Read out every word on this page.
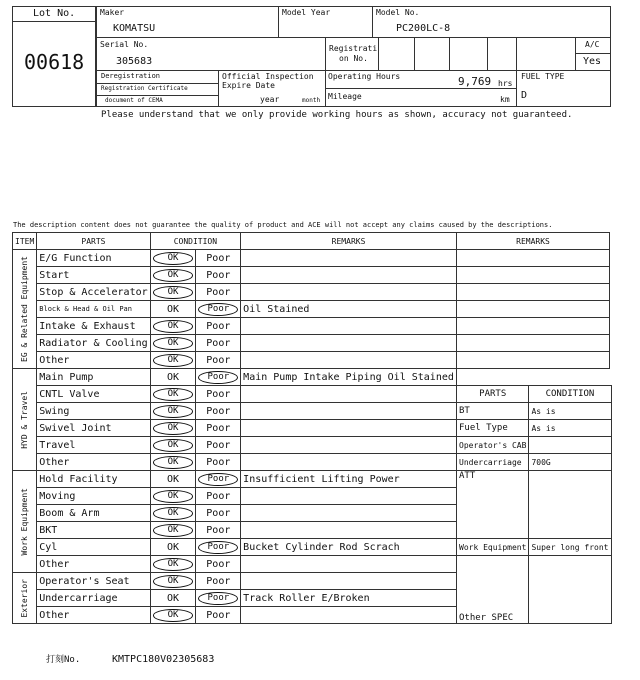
Lot No.
00618
Maker
KOMATSU
Model Year	Model No.
PC200LC-8
Serial No.
305683
Registrati
on No.
A/C
Yes
Deregistration
Registration Certificate
document of CEMA
Official Inspection
Expire Date
year	month
Operating Hours	9,769 hrs
Mileage	km
FUEL TYPE
D
Please understand that we only provide working hours as shown, accuracy not guaranteed.
The description content does not guarantee the quality of product and ACE will not accept any claims caused by the descriptions.
ITEM	PARTS	CONDITION		REMARKS

EG & Related Equipment	E/G Function	OK	Poor	
	Start	OK	Poor	
	Stop & Accelerator	OK	Poor	
	Block & Head & Oil Pan	OK	Poor	Oil Stained
	Intake & Exhaust	OK	Poor	
	Radiator & Cooling	OK	Poor	
	Other	OK	Poor	

HYD & Travel	Main Pump	OK	Poor	Main Pump Intake Piping Oil Stained
	CNTL Valve	OK	Poor	
	Swing	OK	Poor	
	Swivel Joint	OK	Poor	
	Travel	OK	Poor	
	Other	OK	Poor	

Work Equipment	Hold Facility	OK	Poor	Insufficient Lifting Power
	Moving	OK	Poor	
	Boom & Arm	OK	Poor	
	BKT	OK	Poor	
	Cyl	OK	Poor	Bucket Cylinder Rod Scrach
	Other	OK	Poor	

Exterior	Operator's Seat	OK	Poor	
	Undercarriage	OK	Poor	Track Roller E/Broken
	Other	OK	Poor	
REMARKS

PARTS	CONDITION
BT	As is
Fuel Type	As is
Operator's CAB	
Undercarriage	700G
ATT	
Work Equipment	Super long front
Other SPEC	
打刻No.	KMTPC180V02305683
